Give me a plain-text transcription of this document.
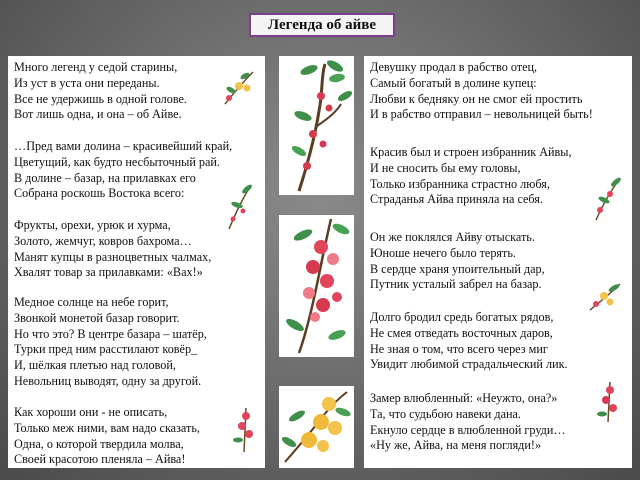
Легенда об айве
Много легенд у седой старины,
Из уст в уста они переданы.
Все не удержишь в одной голове.
Вот лишь одна, и она – об Айве.
…Пред вами долина – красивейший край,
Цветущий, как будто несбыточный рай.
В долине – базар, на прилавках его
Собрана роскошь Востока всего:
Фрукты, орехи, урюк и хурма,
Золото, жемчуг, ковров бахрома…
Манят купцы в разноцветных чалмах,
Хвалят товар за прилавками: «Вах!»
Медное солнце на небе горит,
Звонкой монетой базар говорит.
Но что это? В центре базара – шатёр,
Турки пред ним расстилают ковёр_
И, шёлкая плетью над головой,
Невольниц выводят, одну за другой.
Как хороши они - не описать,
Только меж ними, вам надо сказать,
Одна, о которой твердила молва,
Своей красотою пленяла – Айва!
Девушку продал в рабство отец,
Самый богатый в долине купец:
Любви к бедняку он не смог ей простить
И в рабство отправил – невольницей быть!
Красив был и строен избранник Айвы,
И не сносить бы ему головы,
Только избранника страстно любя,
Страданья Айва приняла на себя.
Он же поклялся Айву отыскать.
Юноше нечего было терять.
В сердце храня упоительный дар,
Путник усталый забрел на базар.
Долго бродил средь богатых рядов,
Не смея отведать восточных даров,
Не зная о том, что всего через миг
Увидит любимой страдальческий лик.
Замер влюбленный: «Неужто, она?»
Та, что судьбою навеки дана.
Екнуло сердце в влюбленной груди…
«Ну же, Айва, на меня погляди!»
